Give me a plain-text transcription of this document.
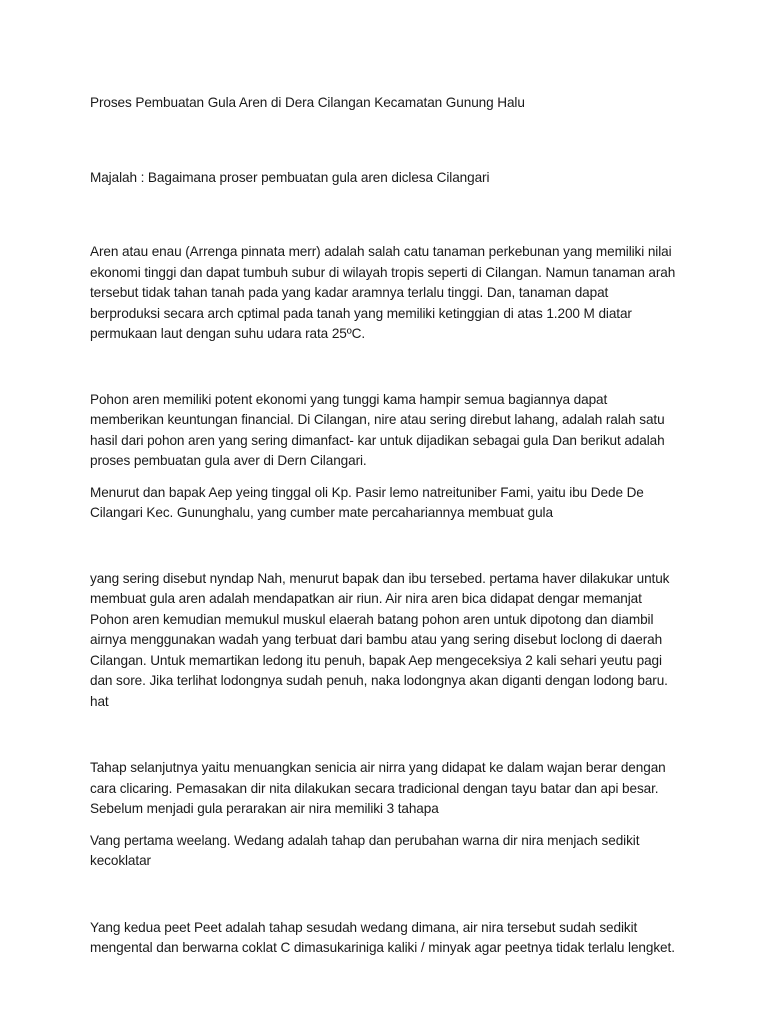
Proses Pembuatan Gula Aren di Dera Cilangan Kecamatan Gunung Halu

Majalah : Bagaimana proser pembuatan gula aren diclesa Cilangari

Aren atau enau (Arrenga pinnata merr) adalah salah catu tanaman perkebunan yang memiliki nilai ekonomi tinggi dan dapat tumbuh subur di wilayah tropis seperti di Cilangan. Namun tanaman arah tersebut tidak tahan tanah pada yang kadar aramnya terlalu tinggi. Dan, tanaman dapat berproduksi secara arch cptimal pada tanah yang memiliki ketinggian di atas 1.200 M diatar permukaan laut dengan suhu udara rata 25ºC.

Pohon aren memiliki potent ekonomi yang tunggi kama hampir semua bagiannya dapat memberikan keuntungan financial. Di Cilangan, nire atau sering direbut lahang, adalah ralah satu hasil dari pohon aren yang sering dimanfact- kar untuk dijadikan sebagai gula Dan berikut adalah proses pembuatan gula aver di Dern Cilangari.

Menurut dan bapak Aep yeing tinggal oli Kp. Pasir lemo natreituniber Fami, yaitu ibu Dede De Cilangari Kec. Gununghalu, yang cumber mate percahariannya membuat gula

yang sering disebut nyndap Nah, menurut bapak dan ibu tersebed. pertama haver dilakukar untuk membuat gula aren adalah mendapatkan air riun. Air nira aren bica didapat dengar memanjat Pohon aren kemudian memukul muskul elaerah batang pohon aren untuk dipotong dan diambil airnya menggunakan wadah yang terbuat dari bambu atau yang sering disebut loclong di daerah Cilangan. Untuk memartikan ledong itu penuh, bapak Aep mengeceksiya 2 kali sehari yeutu pagi dan sore. Jika terlihat lodongnya sudah penuh, naka lodongnya akan diganti dengan lodong baru. hat

Tahap selanjutnya yaitu menuangkan senicia air nirra yang didapat ke dalam wajan berar dengan cara clicaring. Pemasakan dir nita dilakukan secara tradicional dengan tayu batar dan api besar. Sebelum menjadi gula perarakan air nira memiliki 3 tahapa

Vang pertama weelang. Wedang adalah tahap dan perubahan warna dir nira menjach sedikit kecoklatar

Yang kedua peet Peet adalah tahap sesudah wedang dimana, air nira tersebut sudah sedikit mengental dan berwarna coklat C dimasukariniga kaliki / minyak agar peetnya tidak terlalu lengket.
